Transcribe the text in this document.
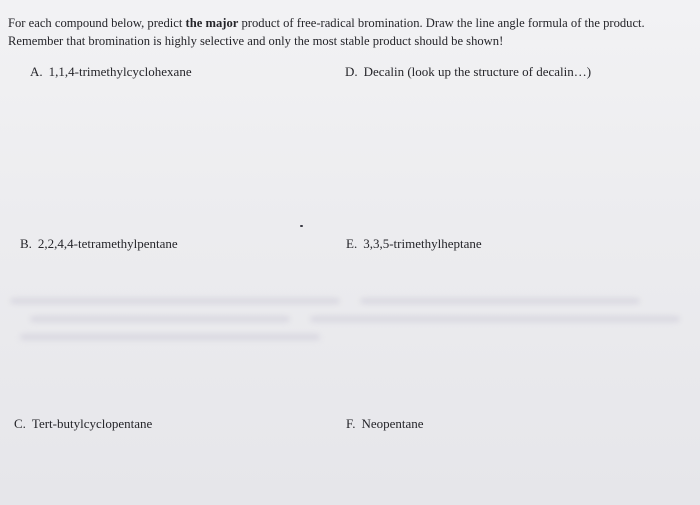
For each compound below, predict the major product of free-radical bromination. Draw the line angle formula of the product. Remember that bromination is highly selective and only the most stable product should be shown!

A. 1,1,4-trimethylcyclohexane	D. Decalin (look up the structure of decalin…)
B. 2,2,4,4-tetramethylpentane	E. 3,3,5-trimethylheptane
C. Tert-butylcyclopentane	F. Neopentane
